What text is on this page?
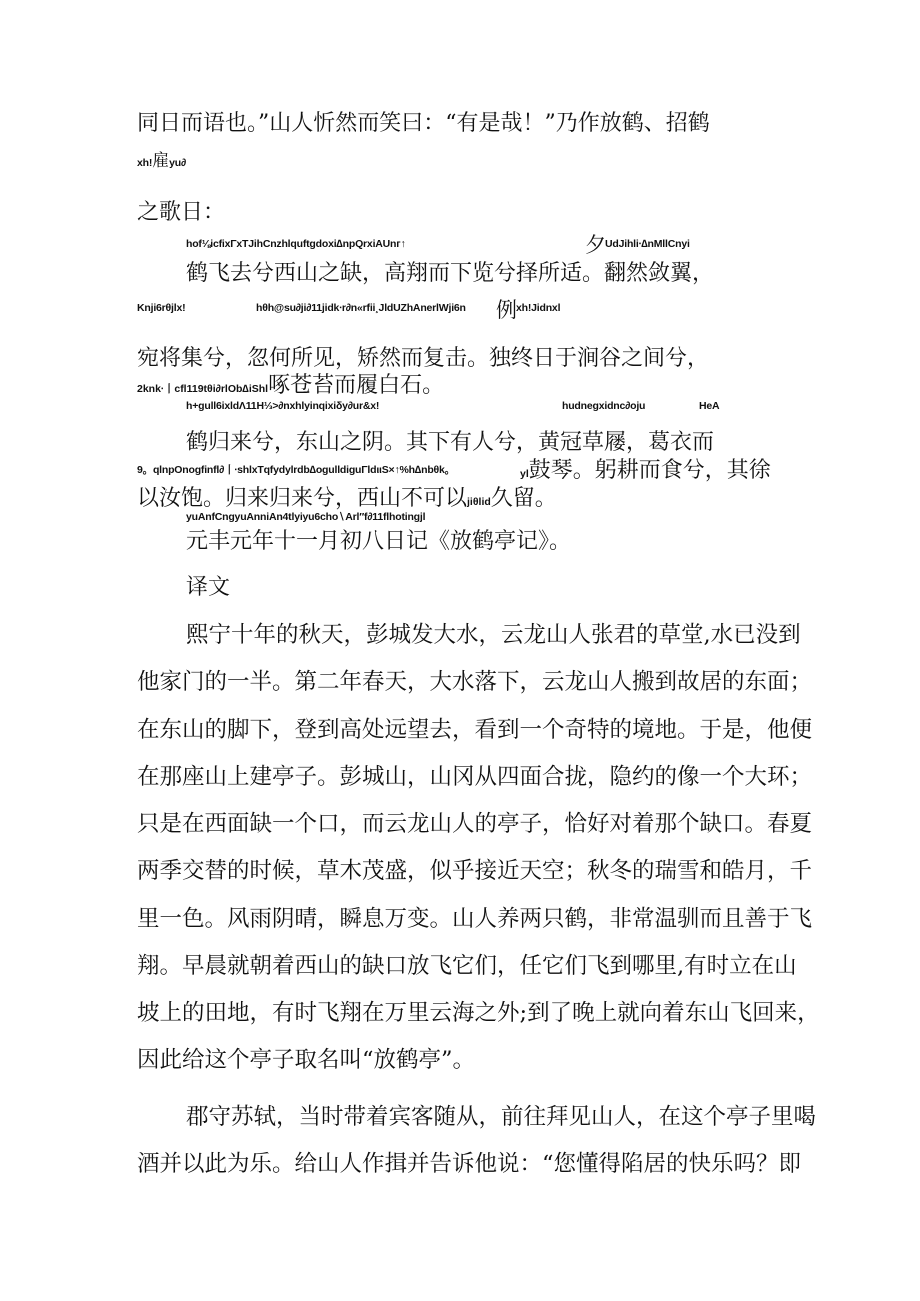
同日而语也。”山人忻然而笑曰：“有是哉！”乃作放鹤、招鹤
xh!雇yu∂
之歌日：
hof⅛icfixΓxTJihCnzhlquftgdoxi∆npQrxiAUnг↑	夕 UdJihli∙∆nMllCnyi
鹤飞去兮西山之缺，高翔而下览兮择所适。翻然敛翼，
Knji6rθjlx!	hθh@su∂ji∂11jidk∙r∂n«rfii¸JldUZhAnerlWji6n 例 xh!Jidnxl
宛将集兮，忽何所见，矫然而复击。独终日于涧谷之间兮，
2knk∙丨cfl119tθi∂rlOb∆iShl啄苍苔而履白石。
h+gull6ixldΛ11H⅓>∂nxhlyinqixiδy∂ur&x!	hudnegxidnc∂oju	HeA
鹤归来兮，东山之阴。其下有人兮，黄冠草屦，葛衣而
9。qlnpOnogfinfl∂丨∙shlxTqfydylrdb∆ogulldiguΓldιιS×↑%h∆nbθk。	yl鼓琴。躬耕而食兮，其徐
以汝饱。归来归来兮，西山不可以jiθlid久留。
yuAnfCngyuAnniAn4tlyiyu6cho∖Arl″f∂11flhotingjl
元丰元年十一月初八日记《放鹤亭记》。
译文
熙宁十年的秋天，彭城发大水，云龙山人张君的草堂,水已没到
他家门的一半。第二年春天，大水落下，云龙山人搬到故居的东面；
在东山的脚下，登到高处远望去，看到一个奇特的境地。于是，他便
在那座山上建亭子。彭城山，山冈从四面合拢，隐约的像一个大环；
只是在西面缺一个口，而云龙山人的亭子，恰好对着那个缺口。春夏
两季交替的时候，草木茂盛，似乎接近天空；秋冬的瑞雪和皓月，千
里一色。风雨阴晴，瞬息万变。山人养两只鹤，非常温驯而且善于飞
翔。早晨就朝着西山的缺口放飞它们，任它们飞到哪里,有时立在山
坡上的田地，有时飞翔在万里云海之外;到了晚上就向着东山飞回来，
因此给这个亭子取名叫“放鹤亭”。
郡守苏轼，当时带着宾客随从，前往拜见山人，在这个亭子里喝
酒并以此为乐。给山人作揖并告诉他说：“您懂得陷居的快乐吗？即
